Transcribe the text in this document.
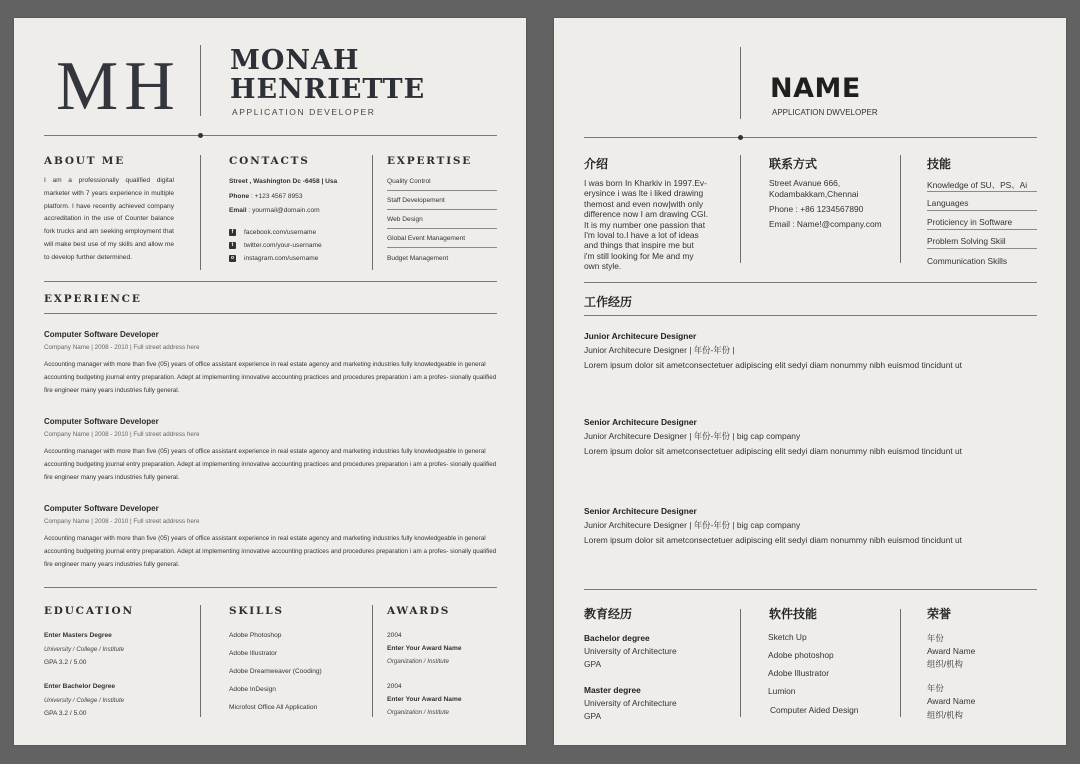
MH MONAH
HENRIETTE
APPLICATION DEVELOPER
ABOUT ME
I am a professionally qualified digital marketer with 7 years experience in multiple platform. I have recently achieved company accreditation in the use of Counter balance fork trucks and am seeking employment that will make best use of my skills and allow me to develop further determined.
CONTACTS
Street , Washington Dc -6458 | Usa
Phone : +123 4567 8953
Email : yourmail@domain.com
f	facebook.com/username
t	twitter.com/your-username
o instagram.com/username
EXPERTISE
Quality Control
Staff Developement
Web Design
Global Event Management
Budget Management
EXPERIENCE
Computer Software Developer
Company Name | 2008 - 2010 | Full street address here
Accounting manager with more than five (05) years of office assistant experience in real estate agency and marketing industries fully knowledgeable in general accounting budgeting journal entry preparation. Adept at implementing innovative accounting practices and procedures preparation i am a profes- sionally qualified fire engineer many years industries fully general.
Computer Software Developer
Company Name | 2008 - 2010 | Full street address here
Accounting manager with more than five (05) years of office assistant experience in real estate agency and marketing industries fully knowledgeable in general accounting budgeting journal entry preparation. Adept at implementing innovative accounting practices and procedures preparation i am a profes- sionally qualified fire engineer many years industries fully general.
Computer Software Developer
Company Name | 2008 - 2010 | Full street address here
Accounting manager with more than five (05) years of office assistant experience in real estate agency and marketing industries fully knowledgeable in general accounting budgeting journal entry preparation. Adept at implementing innovative accounting practices and procedures preparation i am a profes- sionally qualified fire engineer many years industries fully general.
EDUCATION
Enter Masters Degree
University / College / Institute
GPA 3.2 / 5.00
Enter Bachelor Degree
University / College / Institute
GPA 3.2 / 5.00
SKILLS
Adobe Photoshop
Adobe Illustrator
Adobe Dreamweaver (Cooding)
Adobe InDesign
Microfost Office All Application
AWARDS
2004
Enter Your Award Name
Organization / Institute
2004
Enter Your Award Name
Organization / Institute
NAME
APPLICATION DWVELOPER
介绍
I was born In Kharkiv in 1997.Ev-
erysince i was lte i liked drawing
themost and even now|with only
difference now I am drawing CGI.
It is my number one passion that
I'm loval to.I have a lot of ideas
and things that inspire me but
i'm still looking for Me and my
own style.
联系方式
Street Avanue 666,
Kodambakkam,Chennai
Phone : +86 1234567890
Email : Name!@company.com
技能
Knowledge of SU、PS、Ai
Languages
Proticiency in Software
Problem Solving Skiil
Communication Skills
工作经历
Junior Architecure Designer
Junior Architecure Designer | 年份-年份 |
Lorem ipsum dolor sit ametconsectetuer adipiscing elit sedyi diam nonummy nibh euismod tincidunt ut
Senior Architecure Designer
Junior Architecure Designer | 年份-年份 | big cap company
Lorem ipsum dolor sit ametconsectetuer adipiscing elit sedyi diam nonummy nibh euismod tincidunt ut
Senior Architecure Designer
Junior Architecure Designer | 年份-年份 | big cap company
Lorem ipsum dolor sit ametconsectetuer adipiscing elit sedyi diam nonummy nibh euismod tincidunt ut
教育经历
Bachelor degree
University of Architecture
GPA
Master degree
University of Architecture
GPA
软件技能
Sketch Up
Adobe photoshop
Adobe Illustrator
Lumion
Computer Aided Design
荣誉
年份
Award Name
组织/机构
年份
Award Name
组织/机构
